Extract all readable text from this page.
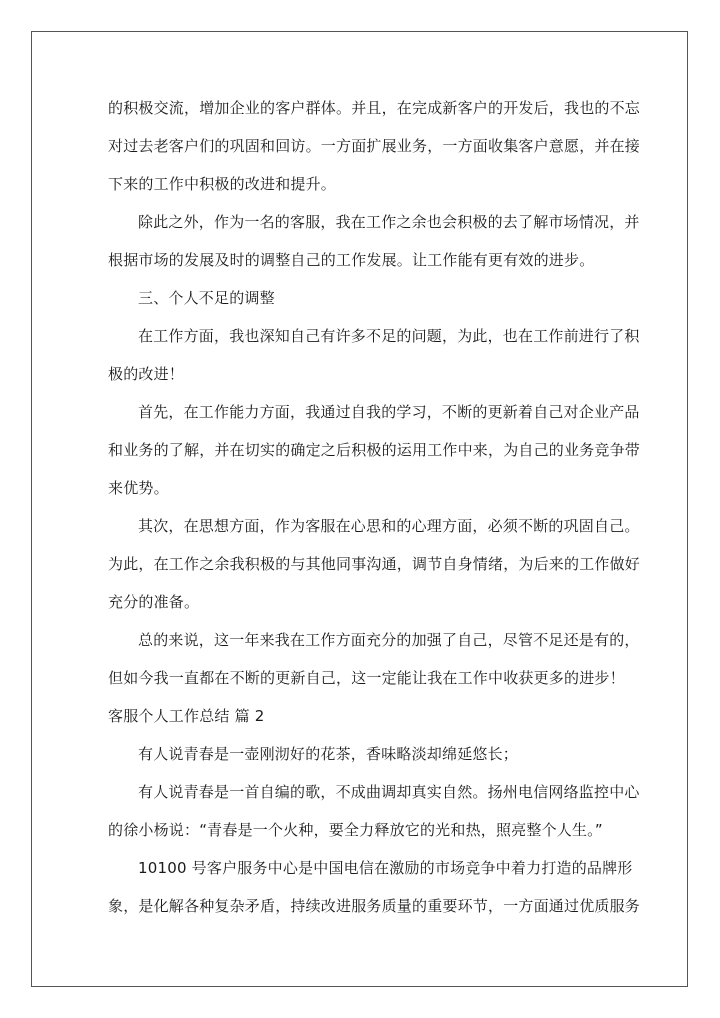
的积极交流，增加企业的客户群体。并且，在完成新客户的开发后，我也的不忘
对过去老客户们的巩固和回访。一方面扩展业务，一方面收集客户意愿，并在接
下来的工作中积极的改进和提升。
除此之外，作为一名的客服，我在工作之余也会积极的去了解市场情况，并
根据市场的发展及时的调整自己的工作发展。让工作能有更有效的进步。
三、个人不足的调整
在工作方面，我也深知自己有许多不足的问题，为此，也在工作前进行了积
极的改进！
首先，在工作能力方面，我通过自我的学习，不断的更新着自己对企业产品
和业务的了解，并在切实的确定之后积极的运用工作中来，为自己的业务竞争带
来优势。
其次，在思想方面，作为客服在心思和的心理方面，必须不断的巩固自己。
为此，在工作之余我积极的与其他同事沟通，调节自身情绪，为后来的工作做好
充分的准备。
总的来说，这一年来我在工作方面充分的加强了自己，尽管不足还是有的，
但如今我一直都在不断的更新自己，这一定能让我在工作中收获更多的进步！
客服个人工作总结 篇 2
有人说青春是一壶刚沏好的花茶，香味略淡却绵延悠长；
有人说青春是一首自编的歌，不成曲调却真实自然。扬州电信网络监控中心
的徐小杨说：“青春是一个火种，要全力释放它的光和热，照亮整个人生。”
10100 号客户服务中心是中国电信在激励的市场竞争中着力打造的品牌形
象，是化解各种复杂矛盾，持续改进服务质量的重要环节，一方面通过优质服务
